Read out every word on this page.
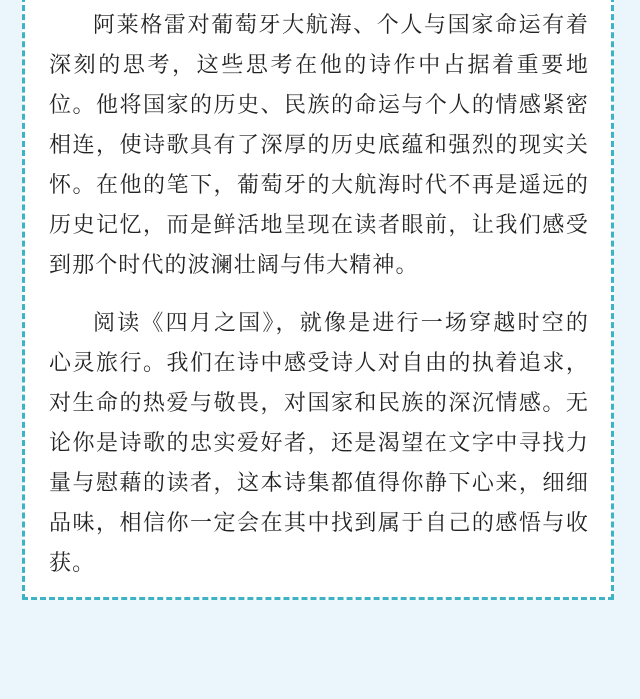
阿莱格雷对葡萄牙大航海、个人与国家命运有着深刻的思考，这些思考在他的诗作中占据着重要地位。他将国家的历史、民族的命运与个人的情感紧密相连，使诗歌具有了深厚的历史底蕴和强烈的现实关怀。在他的笔下，葡萄牙的大航海时代不再是遥远的历史记忆，而是鲜活地呈现在读者眼前，让我们感受到那个时代的波澜壮阔与伟大精神。

阅读《四月之国》，就像是进行一场穿越时空的心灵旅行。我们在诗中感受诗人对自由的执着追求，对生命的热爱与敬畏，对国家和民族的深沉情感。无论你是诗歌的忠实爱好者，还是渴望在文字中寻找力量与慰藉的读者，这本诗集都值得你静下心来，细细品味，相信你一定会在其中找到属于自己的感悟与收获。
